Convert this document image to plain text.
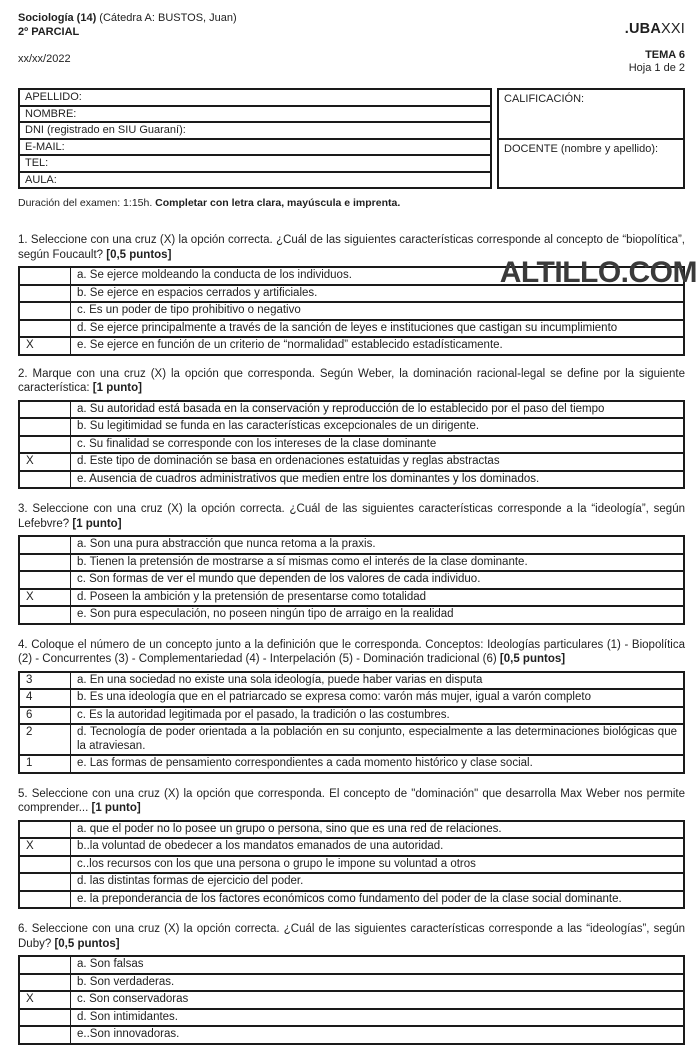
Sociología (14) (Cátedra A: BUSTOS, Juan)
2º PARCIAL
xx/xx/2022
.UBAXXI
TEMA 6
Hoja 1 de 2
APELLIDO:
NOMBRE:
DNI (registrado en SIU Guaraní):
E-MAIL:
TEL:
AULA:
CALIFICACIÓN:
DOCENTE (nombre y apellido):

Duración del examen: 1:15h. Completar con letra clara, mayúscula e imprenta.

1. Seleccione con una cruz (X) la opción correcta. ¿Cuál de las siguientes características corresponde al concepto de “biopolítica”, según Foucault? [0,5 puntos]

	a. Se ejerce moldeando la conducta de los individuos.
	b. Se ejerce en espacios cerrados y artificiales.
	c. Es un poder de tipo prohibitivo o negativo
	d. Se ejerce principalmente a través de la sanción de leyes e instituciones que castigan su incumplimiento
X	e. Se ejerce en función de un criterio de “normalidad” establecido estadísticamente.

2. Marque con una cruz (X) la opción que corresponda. Según Weber, la dominación racional-legal se define por la siguiente característica: [1 punto]

	a. Su autoridad está basada en la conservación y reproducción de lo establecido por el paso del tiempo
	b. Su legitimidad se funda en las características excepcionales de un dirigente.
	c. Su finalidad se corresponde con los intereses de la clase dominante
X	d. Este tipo de dominación se basa en ordenaciones estatuidas y reglas abstractas
	e. Ausencia de cuadros administrativos que medien entre los dominantes y los dominados.

3. Seleccione con una cruz (X) la opción correcta. ¿Cuál de las siguientes características corresponde a la “ideología”, según Lefebvre? [1 punto]

	a. Son una pura abstracción que nunca retoma a la praxis.
	b. Tienen la pretensión de mostrarse a sí mismas como el interés de la clase dominante.
	c. Son formas de ver el mundo que dependen de los valores de cada individuo.
X	d. Poseen la ambición y la pretensión de presentarse como totalidad
	e. Son pura especulación, no poseen ningún tipo de arraigo en la realidad

4. Coloque el número de un concepto junto a la definición que le corresponda. Conceptos: Ideologías particulares (1) - Biopolítica (2) - Concurrentes (3) - Complementariedad (4) - Interpelación (5) - Dominación tradicional (6) [0,5 puntos]

3	a. En una sociedad no existe una sola ideología, puede haber varias en disputa
4	b. Es una ideología que en el patriarcado se expresa como: varón más mujer, igual a varón completo
6	c. Es la autoridad legitimada por el pasado, la tradición o las costumbres.
2	d. Tecnología de poder orientada a la población en su conjunto, especialmente a las determinaciones biológicas que la atraviesan.
1	e. Las formas de pensamiento correspondientes a cada momento histórico y clase social.

5. Seleccione con una cruz (X) la opción que corresponda. El concepto de "dominación" que desarrolla Max Weber nos permite comprender... [1 punto]

	a. que el poder no lo posee un grupo o persona, sino que es una red de relaciones.
X	b..la voluntad de obedecer a los mandatos emanados de una autoridad.
	c..los recursos con los que una persona o grupo le impone su voluntad a otros
	d. las distintas formas de ejercicio del poder.
	e. la preponderancia de los factores económicos como fundamento del poder de la clase social dominante.

6. Seleccione con una cruz (X) la opción correcta. ¿Cuál de las siguientes características corresponde a las “ideologías”, según Duby? [0,5 puntos]

	a. Son falsas
	b. Son verdaderas.
X	c. Son conservadoras
	d. Son intimidantes.
	e..Son innovadoras.
ALTILLO.COM
